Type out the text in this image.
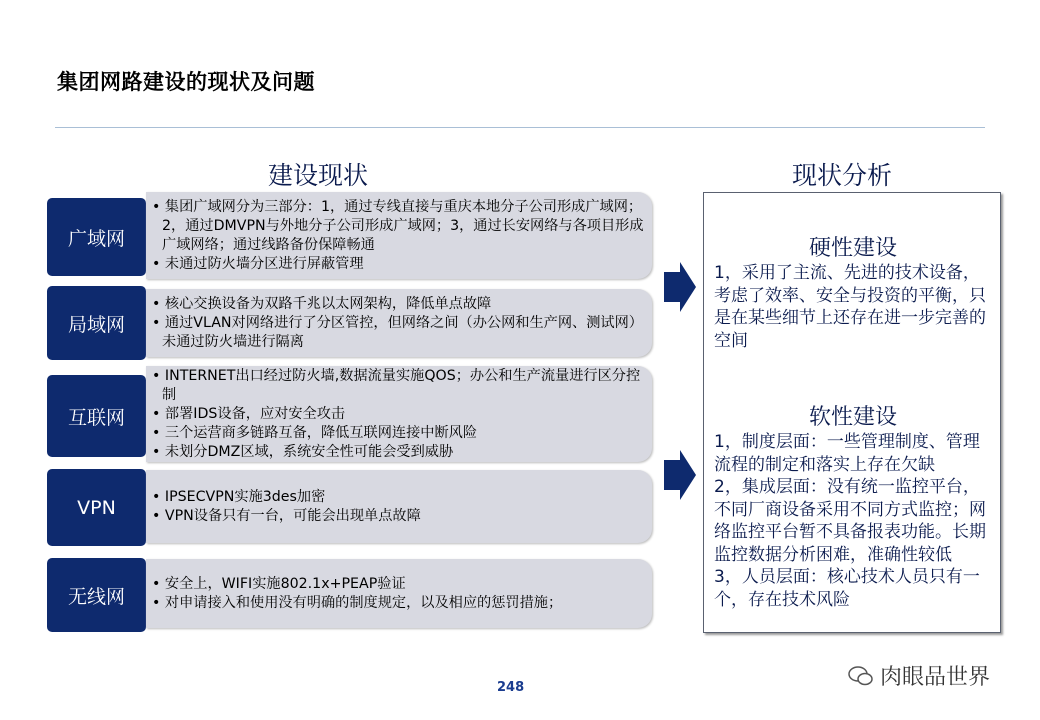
集团网路建设的现状及问题
建设现状	现状分析
广域网
• 集团广域网分为三部分：1，通过专线直接与重庆本地分子公司形成广域网；2，通过DMVPN与外地分子公司形成广域网；3，通过长安网络与各项目形成广域网络；通过线路备份保障畅通
• 未通过防火墙分区进行屏蔽管理
局域网
• 核心交换设备为双路千兆以太网架构，降低单点故障
• 通过VLAN对网络进行了分区管控，但网络之间（办公网和生产网、测试网）未通过防火墙进行隔离
互联网
• INTERNET出口经过防火墙,数据流量实施QOS；办公和生产流量进行区分控制
• 部署IDS设备，应对安全攻击
• 三个运营商多链路互备，降低互联网连接中断风险
• 未划分DMZ区域，系统安全性可能会受到威胁
VPN	• IPSECVPN实施3des加密
• VPN设备只有一台，可能会出现单点故障
无线网
• 安全上，WIFI实施802.1x+PEAP验证
• 对申请接入和使用没有明确的制度规定，以及相应的惩罚措施；
硬性建设
1，采用了主流、先进的技术设备，考虑了效率、安全与投资的平衡，只是在某些细节上还存在进一步完善的空间
软性建设
1，制度层面：一些管理制度、管理流程的制定和落实上存在欠缺
2，集成层面：没有统一监控平台，不同厂商设备采用不同方式监控；网络监控平台暂不具备报表功能。长期监控数据分析困难，准确性较低
3，人员层面：核心技术人员只有一个，存在技术风险
248	肉眼品世界
